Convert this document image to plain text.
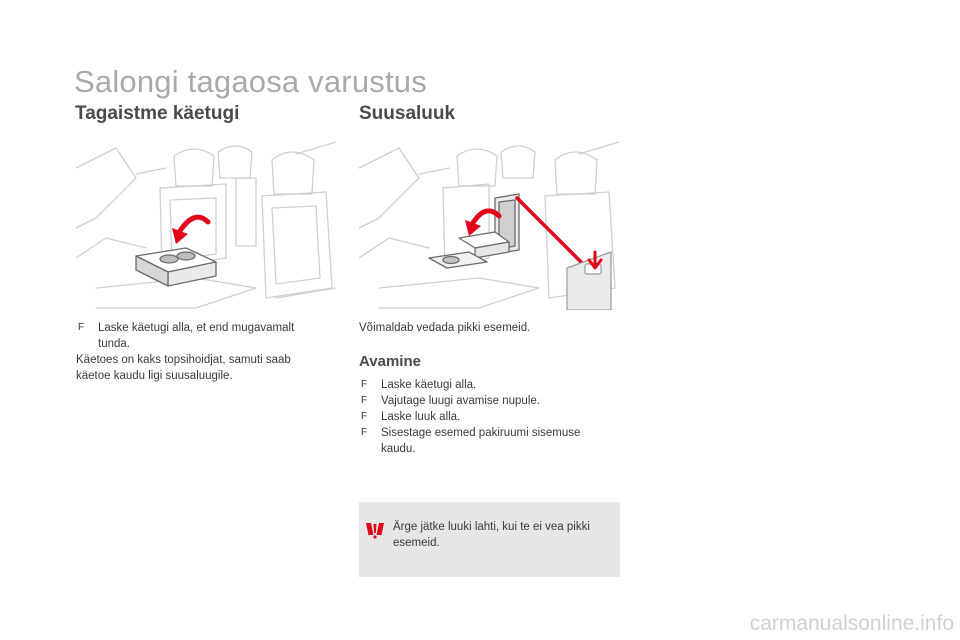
Salongi tagaosa varustus
Tagaistme käetugi
F	Laske käetugi alla, et end mugavamalt tunda.
Käetoes on kaks topsihoidjat, samuti saab käetoe kaudu ligi suusaluugile.
Suusaluuk
Võimaldab vedada pikki esemeid.
Avamine
F	Laske käetugi alla.
F	Vajutage luugi avamise nupule.
F	Laske luuk alla.
F	Sisestage esemed pakiruumi sisemuse kaudu.
Ärge jätke luuki lahti, kui te ei vea pikki esemeid.
carmanualsonline.info
